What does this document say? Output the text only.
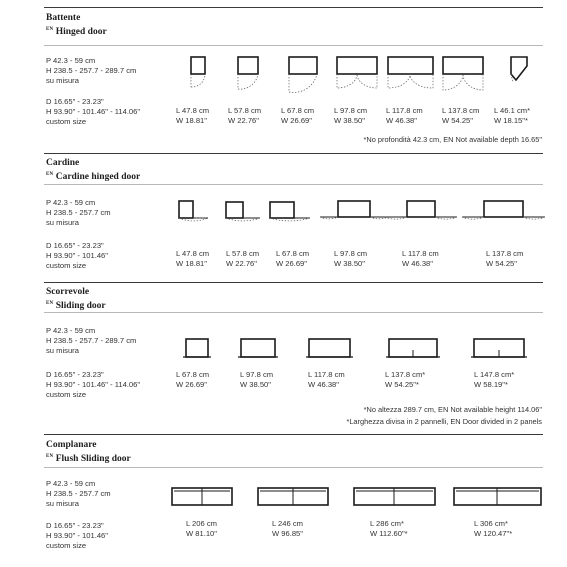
Battente
$^{EN}$ Hinged door
P 42.3 - 59 cm
H 238.5 - 257.7 - 289.7 cm
su misura
D 16.65" - 23.23"
H 93.90" - 101.46" - 114.06"
custom size
L 47.8 cm
W 18.81"
L 57.8 cm
W 22.76"
L 67.8 cm
W 26.69"
L 97.8 cm
W 38.50"
L 117.8 cm
W 46.38"
L 137.8 cm
W 54.25"
L 46.1 cm*
W 18.15"*
*No profondità 42.3 cm, EN Not available depth 16.65"
Cardine
$^{EN}$ Cardine hinged door
P 42.3 - 59 cm
H 238.5 - 257.7 cm
su misura
D 16.65" - 23.23"
H 93.90" - 101.46"
custom size
L 47.8 cm
W 18.81"
L 57.8 cm
W 22.76"
L 67.8 cm
W 26.69"
L 97.8 cm
W 38.50"
L 117.8 cm
W 46.38"
L 137.8 cm
W 54.25"
Scorrevole
$^{EN}$ Sliding door
P 42.3 - 59 cm
H 238.5 - 257.7 - 289.7 cm
su misura
D 16.65" - 23.23"
H 93.90" - 101.46" - 114.06"
custom size
L 67.8 cm
W 26.69"
L 97.8 cm
W 38.50"
L 117.8 cm
W 46.38"
L 137.8 cm*
W 54.25"*
L 147.8 cm*
W 58.19"*
*No altezza 289.7 cm, EN Not available height 114.06"
*Larghezza divisa in 2 pannelli, EN Door divided in 2 panels
Complanare
$^{EN}$ Flush Sliding door
P 42.3 - 59 cm
H 238.5 - 257.7 cm
su misura
D 16.65" - 23.23"
H 93.90" - 101.46"
custom size
L 206 cm
W 81.10"
L 246 cm
W 96.85"
L 286 cm*
W 112.60"*
L 306 cm*
W 120.47"*
